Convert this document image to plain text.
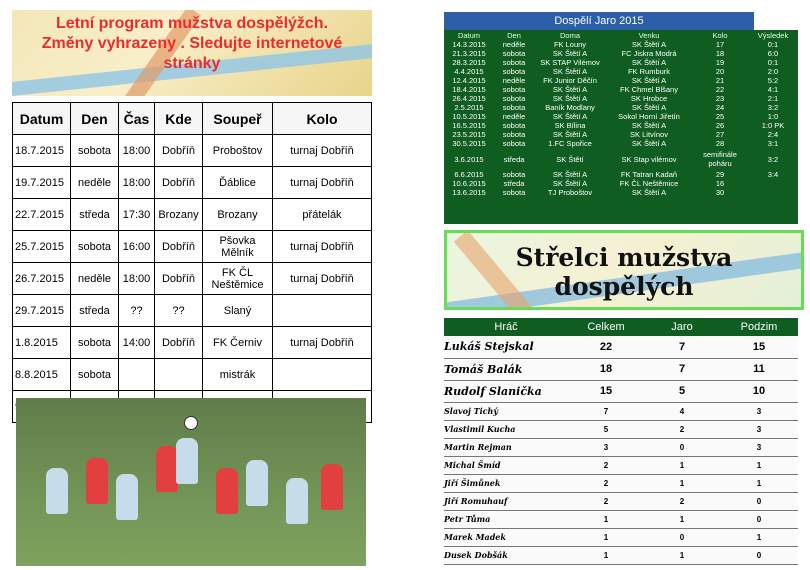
Letní program mužstva dospělýžch.
Změny vyhrazeny . Sledujte internetové
stránky
Datum	Den	Čas	Kde	Soupeř	Kolo
18.7.2015	sobota	18:00	Dobříň	Proboštov	turnaj Dobříň
19.7.2015	neděle	18:00	Dobříň	Ďáblice	turnaj Dobříň
22.7.2015	středa	17:30	Brozany	Brozany	přátelák
25.7.2015	sobota	16:00	Dobříň	Pšovka Mělník	turnaj Dobříň
26.7.2015	neděle	18:00	Dobříň	FK ČL Neštěmice	turnaj Dobříň
29.7.2015	středa	??	??	Slaný	
1.8.2015	sobota	14:00	Dobříň	FK Černiv	turnaj Dobříň
8.8.2015	sobota			mistrák	

Dospělí Jaro 2015
Datum	Den	Doma	Venku	Kolo	Výsledek
14.3.2015	neděle	FK Louny	SK Štětí A	17	0:1
21.3.2015	sobota	SK Štětí A	FC Jiskra Modrá	18	6:0
28.3.2015	sobota	SK STAP Vilémov	SK Štětí A	19	0:1
4.4.2015	sobota	SK Štětí A	FK Rumburk	20	2:0
12.4.2015	neděle	FK Junior Děčín	SK Štětí A	21	5:2
18.4.2015	sobota	SK Štětí A	FK Chmel Blšany	22	4:1
26.4.2015	sobota	SK Štětí A	SK Hrobce	23	2:1
2.5.2015	sobota	Baník Modlany	SK Štětí A	24	3:2
10.5.2015	neděle	SK Štětí A	Sokol Horní Jiřetín	25	1:0
16.5.2015	sobota	SK Bílina	SK Štětí A	26	1:0 PK
23.5.2015	sobota	SK Štětí A	SK Litvínov	27	2:4
30.5.2015	sobota	1.FC Spořice	SK Štětí A	28	3:1
3.6.2015	středa	SK Štětí	SK Stap vilémov	semifinále poháru	3:2
6.6.2015	sobota	SK Štětí A	FK Tatran Kadaň	29	3:4
10.6.2015	středa	SK Štětí A	FK ČL Neštěmice	16	
13.6.2015	sobota	TJ Proboštov	SK Štětí A	30	
Střelci mužstva dospělých
Hráč	Celkem	Jaro	Podzim
Lukáš Stejskal	22	7	15
Tomáš Balák	18	7	11
Rudolf Slanička	15	5	10
Slavoj Tichý	7	4	3
Vlastimil Kucha	5	2	3
Martin Rejman	3	0	3
Michal Šmíd	2	1	1
Jiří Šimůnek	2	1	1
Jiří Romuhauf	2	2	0
Petr Tůma	1	1	0
Marek Madek	1	0	1
Dusek Dobšák	1	1	0
